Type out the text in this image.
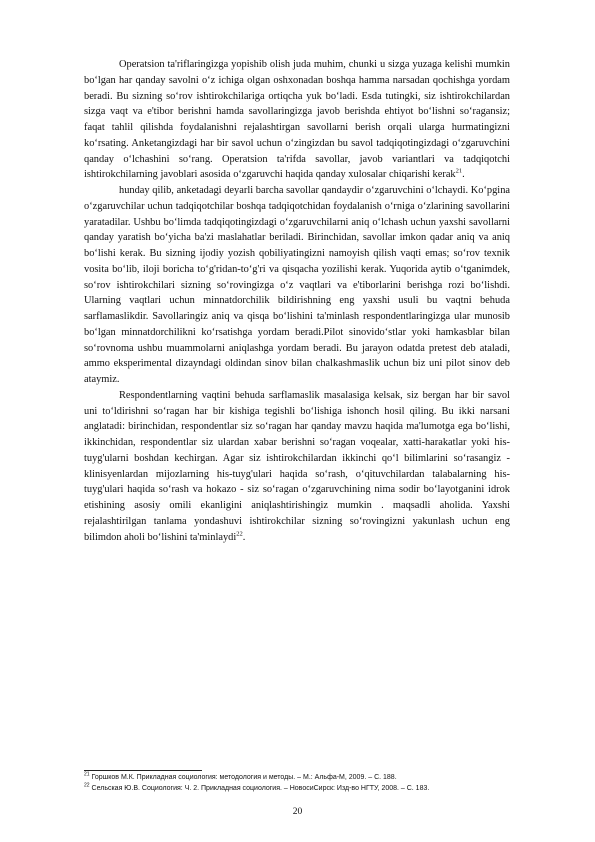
Operatsion ta'riflaringizga yopishib olish juda muhim, chunki u sizga yuzaga kelishi mumkin bo‘lgan har qanday savolni o‘z ichiga olgan oshxonadan boshqa hamma narsadan qochishga yordam beradi. Bu sizning so‘rov ishtirokchilariga ortiqcha yuk bo‘ladi. Esda tutingki, siz ishtirokchilardan sizga vaqt va e'tibor berishni hamda savollaringizga javob berishda ehtiyot bo‘lishni so‘ragansiz; faqat tahlil qilishda foydalanishni rejalashtirgan savollarni berish orqali ularga hurmatingizni ko‘rsating. Anketangizdagi har bir savol uchun o‘zingizdan bu savol tadqiqotingizdagi o‘zgaruvchini qanday o‘lchashini so‘rang. Operatsion ta'rifda savollar, javob variantlari va tadqiqotchi ishtirokchilarning javoblari asosida o‘zgaruvchi haqida qanday xulosalar chiqarishi kerak$^{21}$.

hunday qilib, anketadagi deyarli barcha savollar qandaydir o‘zgaruvchini o‘lchaydi. Ko‘pgina o‘zgaruvchilar uchun tadqiqotchilar boshqa tadqiqotchidan foydalanish o‘rniga o‘zlarining savollarini yaratadilar. Ushbu bo‘limda tadqiqotingizdagi o‘zgaruvchilarni aniq o‘lchash uchun yaxshi savollarni qanday yaratish bo‘yicha ba'zi maslahatlar beriladi. Birinchidan, savollar imkon qadar aniq va aniq bo‘lishi kerak. Bu sizning ijodiy yozish qobiliyatingizni namoyish qilish vaqti emas; so‘rov texnik vosita bo‘lib, iloji boricha to‘g'ridan-to‘g'ri va qisqacha yozilishi kerak. Yuqorida aytib o‘tganimdek, so‘rov ishtirokchilari sizning so‘rovingizga o‘z vaqtlari va e'tiborlarini berishga rozi bo‘lishdi. Ularning vaqtlari uchun minnatdorchilik bildirishning eng yaxshi usuli bu vaqtni behuda sarflamaslikdir. Savollaringiz aniq va qisqa bo‘lishini ta'minlash respondentlaringizga ular munosib bo‘lgan minnatdorchilikni ko‘rsatishga yordam beradi.Pilot sinovido‘stlar yoki hamkasblar bilan so‘rovnoma ushbu muammolarni aniqlashga yordam beradi. Bu jarayon odatda pretest deb ataladi, ammo eksperimental dizayndagi oldindan sinov bilan chalkashmaslik uchun biz uni pilot sinov deb ataymiz.

Respondentlarning vaqtini behuda sarflamaslik masalasiga kelsak, siz bergan har bir savol uni to‘ldirishni so‘ragan har bir kishiga tegishli bo‘lishiga ishonch hosil qiling. Bu ikki narsani anglatadi: birinchidan, respondentlar siz so‘ragan har qanday mavzu haqida ma'lumotga ega bo‘lishi, ikkinchidan, respondentlar siz ulardan xabar berishni so‘ragan voqealar, xatti-harakatlar yoki his-tuyg'ularni boshdan kechirgan. Agar siz ishtirokchilardan ikkinchi qo‘l bilimlarini so‘rasangiz - klinisyenlardan mijozlarning his-tuyg'ulari haqida so‘rash, o‘qituvchilardan talabalarning his-tuyg'ulari haqida so‘rash va hokazo - siz so‘ragan o‘zgaruvchining nima sodir bo‘layotganini idrok etishining asosiy omili ekanligini aniqlashtirishingiz mumkin . maqsadli aholida. Yaxshi rejalashtirilgan tanlama yondashuvi ishtirokchilar sizning so‘rovingizni yakunlash uchun eng bilimdon aholi bo‘lishini ta'minlaydi$^{22}$.

$^{21}$ Горшков М.К. Прикладная социология: методология и методы. – М.: Альфа-М, 2009. – С. 188.
$^{22}$ Сельская Ю.В. Социология: Ч. 2. Прикладная социология. – НовосиСирск: Изд-во НГТУ, 2008. – С. 183.
20
